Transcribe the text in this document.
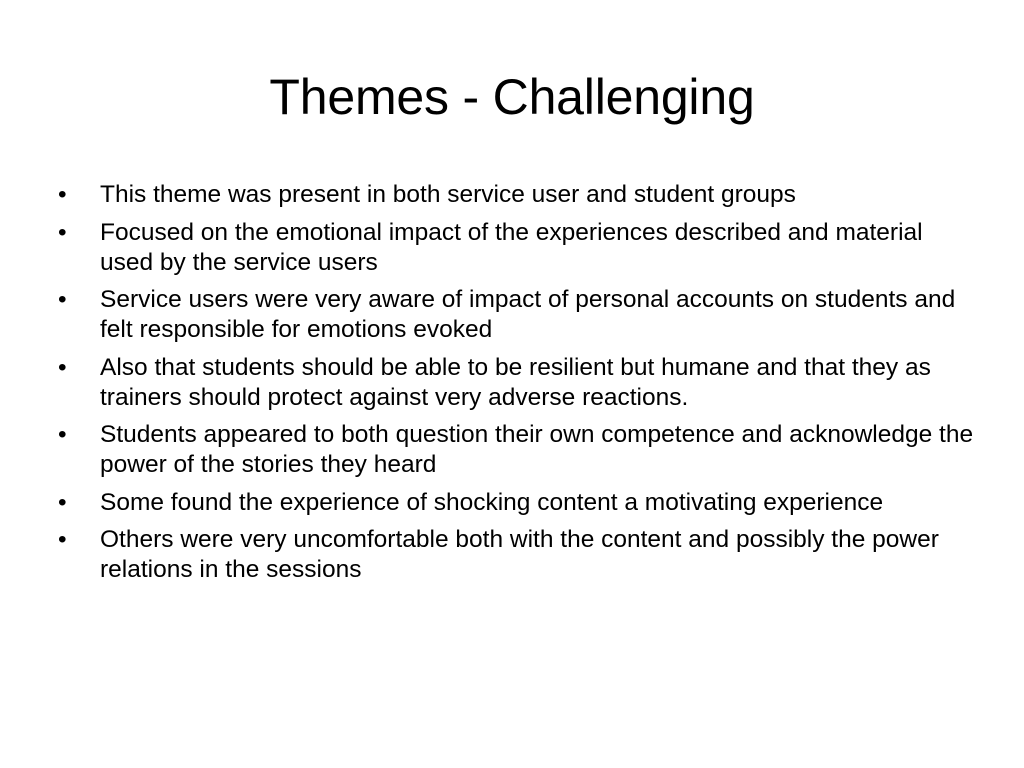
Themes - Challenging
•	This theme was present in both service user and student groups
•	Focused on the emotional impact of the experiences described and material used by the service users
•	Service users were very aware of impact of personal accounts on students and felt responsible for emotions evoked
•	Also that students should be able to be resilient but humane and that they as trainers should protect against very adverse reactions.
•	Students appeared to both question their own competence and acknowledge the power of the stories they heard
•	Some found the experience of shocking content a motivating experience
•	Others were very uncomfortable both with the content and possibly the power relations in the sessions
